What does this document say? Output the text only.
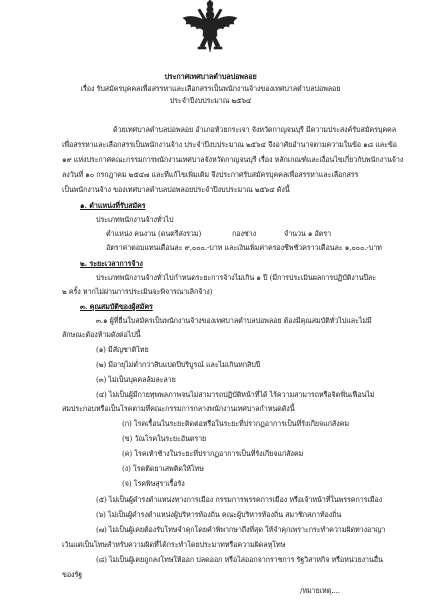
ประกาศเทศบาลตำบลปอพลอย
เรื่อง รับสมัครบุคคลเพื่อสรรหาและเลือกสรรเป็นพนักงานจ้างของเทศบาลตำบลปอพลอย
ประจำปีงบประมาณ ๒๕๖๔
ด้วยเทศบาลตำบลปอพลอย อำเภอห้วยกระเจา จังหวัดกาญจนบุรี มีความประสงค์รับสมัครบุคคล
เพื่อสรรหาและเลือกสรรเป็นพนักงานจ้าง ประจำปีงบประมาณ ๒๕๖๔ จึงอาศัยอำนาจตามความในข้อ ๑๘ และข้อ
๑๙ แห่งประกาศคณะกรรมการพนักงานเทศบาลจังหวัดกาญจนบุรี เรื่อง หลักเกณฑ์และเงื่อนไขเกี่ยวกับพนักงานจ้าง
ลงวันที่ ๑๐ กรกฎาคม ๒๕๔๗ และที่แก้ไขเพิ่มเติม จึงประกาศรับสมัครบุคคลเพื่อสรรหาและเลือกสรร
เป็นพนักงานจ้าง ของเทศบาลตำบลปอพลอยประจำปีงบประมาณ ๒๕๖๔ ดังนี้
๑. ตำแหน่งที่รับสมัคร
ประเภทพนักงานจ้างทั่วไป
ตำแหน่ง คนงาน (ดนตรีส่งรวม)	กองช่าง	จำนวน ๑ อัตรา
อัตราค่าตอบแทนเดือนละ ๙,๐๐๐.-บาท และเงินเพิ่มค่าครองชีพชั่วคราวเดือนละ ๑,๐๐๐.-บาท
๒. ระยะเวลาการจ้าง
ประเภทพนักงานจ้างทั่วไปกำหนดระยะการจ้างไม่เกิน ๑ ปี (มีการประเมินผลการปฏิบัติงานปีละ
๒ ครั้ง หากไม่ผ่านการประเมินจะพิจารณาเลิกจ้าง)
๓. คุณสมบัติของผู้สมัคร
๓.๑ ผู้ที่ยื่นใบสมัครเป็นพนักงานจ้างของเทศบาลตำบลปอพลอย ต้องมีคุณสมบัติทั่วไปและไม่มี
ลักษณะต้องห้ามดังต่อไปนี้
(๑) มีสัญชาติไทย
(๒) มีอายุไม่ต่ำกว่าสิบแปดปีบริบูรณ์ และไม่เกินหกสิบปี
(๓) ไม่เป็นบุคคลล้มละลาย
(๔) ไม่เป็นผู้มีกายทุพพลภาพจนไม่สามารถปฏิบัติหน้าที่ได้ ไร้ความสามารถหรือจิตฟั่นเฟือนไม่
สมประกอบหรือเป็นโรคตามที่คณะกรรมการกลางพนักงานเทศบาลกำหนดดังนี้
(ก) โรคเรื้อนในระยะติดต่อหรือในระยะที่ปรากฏอาการเป็นที่รังเกียจแก่สังคม
(ข) วัณโรคในระยะอันตราย
(ค) โรคเท้าช้างในระยะที่ปรากฏอาการเป็นที่รังเกียจแก่สังคม
(ง) โรคติดยาเสพติดให้โทษ
(จ) โรคพิษสุราเรื้อรัง
(๕) ไม่เป็นผู้ดำรงตำแหน่งทางการเมือง กรรมการพรรคการเมือง หรือเจ้าหน้าที่ในพรรคการเมือง
(๖) ไม่เป็นผู้ดำรงตำแหน่งผู้บริหารท้องถิ่น คณะผู้บริหารท้องถิ่น สมาชิกสภาท้องถิ่น
(๗) ไม่เป็นผู้เคยต้องรับโทษจำคุกโดยคำพิพากษาถึงที่สุด ให้จำคุกเพราะกระทำความผิดทางอาญา
เว้นแต่เป็นโทษสำหรับความผิดที่ได้กระทำโดยประมาทหรือความผิดลหุโทษ
(๘) ไม่เป็นผู้เคยถูกลงโทษให้ออก ปลดออก หรือไล่ออกจากราชการ รัฐวิสาหกิจ หรือหน่วยงานอื่น
ของรัฐ
/หมายเหตุ....
